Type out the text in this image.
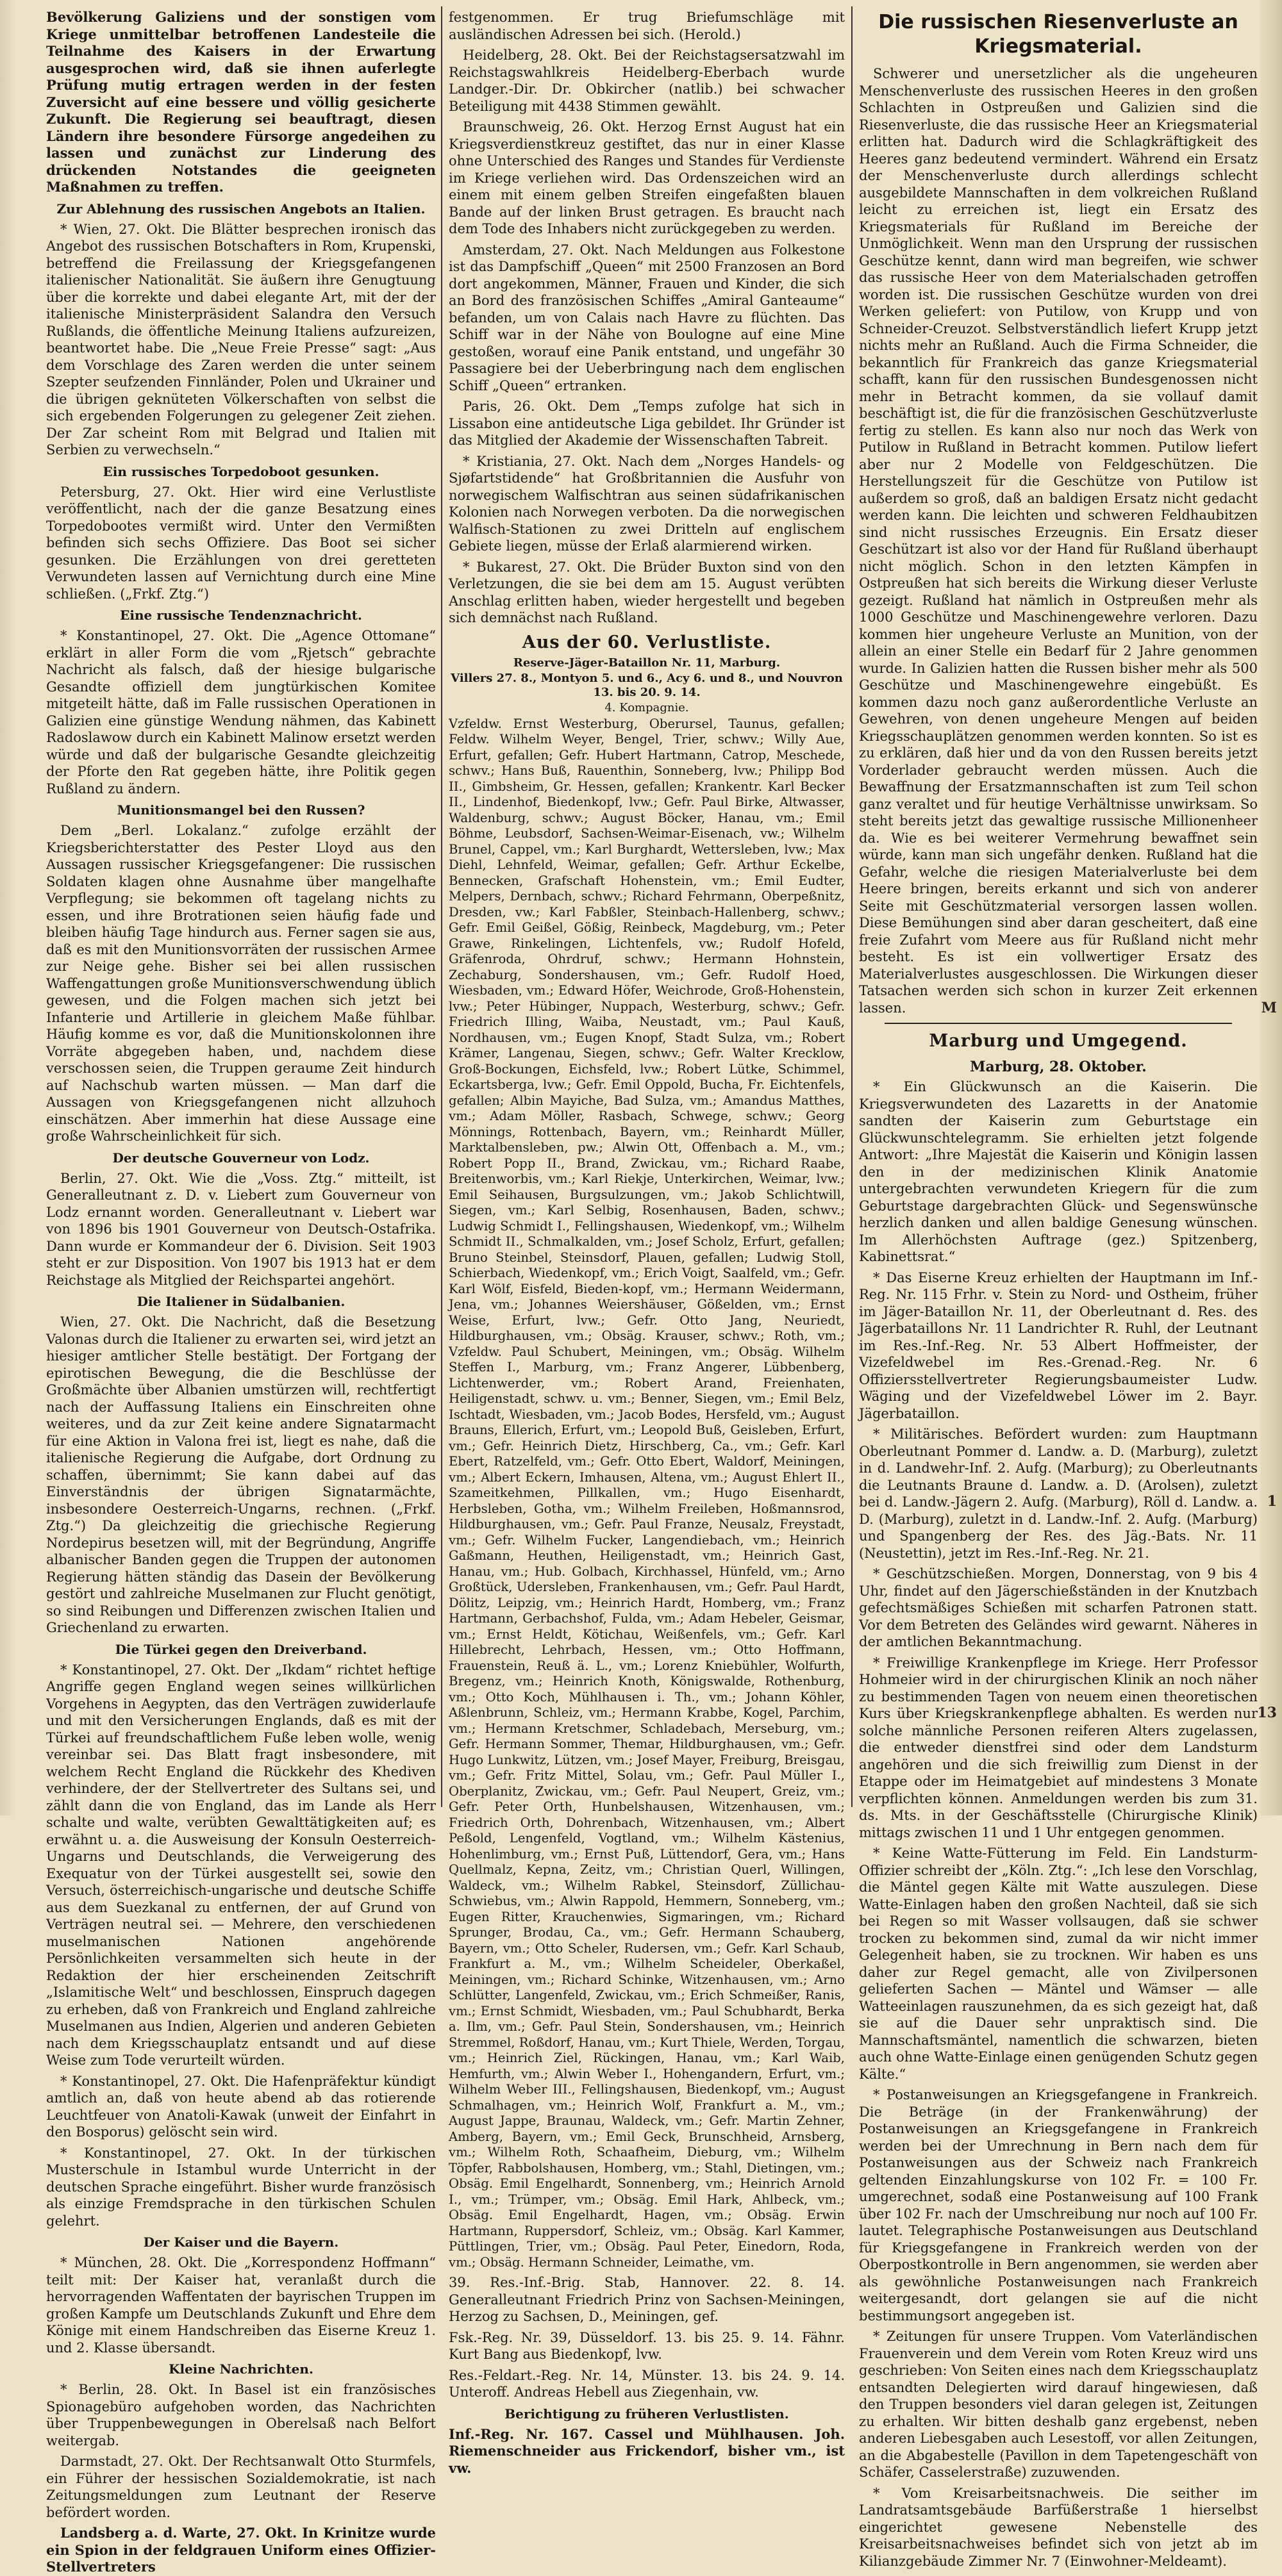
Bevölkerung Galiziens und der sonstigen vom Kriege unmittelbar betroffenen Landesteile die Teilnahme des Kaisers in der Erwartung ausgesprochen wird, daß sie ihnen auferlegte Prüfung mutig ertragen werden in der festen Zuversicht auf eine bessere und völlig gesicherte Zukunft. Die Regierung sei beauftragt, diesen Ländern ihre besondere Fürsorge angedeihen zu lassen und zunächst zur Linderung des drückenden Notstandes die geeigneten Maßnahmen zu treffen.

Zur Ablehnung des russischen Angebots an Italien.

* Wien, 27. Okt. Die Blätter besprechen ironisch das Angebot des russischen Botschafters in Rom, Krupenski, betreffend die Freilassung der Kriegsgefangenen italienischer Nationalität. Sie äußern ihre Genugtuung über die korrekte und dabei elegante Art, mit der der italienische Ministerpräsident Salandra den Versuch Rußlands, die öffentliche Meinung Italiens aufzureizen, beantwortet habe. Die „Neue Freie Presse“ sagt: „Aus dem Vorschlage des Zaren werden die unter seinem Szepter seufzenden Finnländer, Polen und Ukrainer und die übrigen geknüteten Völkerschaften von selbst die sich ergebenden Folgerungen zu gelegener Zeit ziehen. Der Zar scheint Rom mit Belgrad und Italien mit Serbien zu verwechseln.“

Ein russisches Torpedoboot gesunken.

Petersburg, 27. Okt. Hier wird eine Verlustliste veröffentlicht, nach der die ganze Besatzung eines Torpedobootes vermißt wird. Unter den Vermißten befinden sich sechs Offiziere. Das Boot sei sicher gesunken. Die Erzählungen von drei geretteten Verwundeten lassen auf Vernichtung durch eine Mine schließen. („Frkf. Ztg.“)

Eine russische Tendenznachricht.

* Konstantinopel, 27. Okt. Die „Agence Ottomane“ erklärt in aller Form die vom „Rjetsch“ gebrachte Nachricht als falsch, daß der hiesige bulgarische Gesandte offiziell dem jungtürkischen Komitee mitgeteilt hätte, daß im Falle russischen Operationen in Galizien eine günstige Wendung nähmen, das Kabinett Radoslawow durch ein Kabinett Malinow ersetzt werden würde und daß der bulgarische Gesandte gleichzeitig der Pforte den Rat gegeben hätte, ihre Politik gegen Rußland zu ändern.

Munitionsmangel bei den Russen?

Dem „Berl. Lokalanz.“ zufolge erzählt der Kriegsberichterstatter des Pester Lloyd aus den Aussagen russischer Kriegsgefangener: Die russischen Soldaten klagen ohne Ausnahme über mangelhafte Verpflegung; sie bekommen oft tagelang nichts zu essen, und ihre Brotrationen seien häufig fade und bleiben häufig Tage hindurch aus. Ferner sagen sie aus, daß es mit den Munitionsvorräten der russischen Armee zur Neige gehe. Bisher sei bei allen russischen Waffengattungen große Munitionsverschwendung üblich gewesen, und die Folgen machen sich jetzt bei Infanterie und Artillerie in gleichem Maße fühlbar. Häufig komme es vor, daß die Munitionskolonnen ihre Vorräte abgegeben haben, und, nachdem diese verschossen seien, die Truppen geraume Zeit hindurch auf Nachschub warten müssen. — Man darf die Aussagen von Kriegsgefangenen nicht allzuhoch einschätzen. Aber immerhin hat diese Aussage eine große Wahrscheinlichkeit für sich.

Der deutsche Gouverneur von Lodz.

Berlin, 27. Okt. Wie die „Voss. Ztg.“ mitteilt, ist Generalleutnant z. D. v. Liebert zum Gouverneur von Lodz ernannt worden. Generalleutnant v. Liebert war von 1896 bis 1901 Gouverneur von Deutsch-Ostafrika. Dann wurde er Kommandeur der 6. Division. Seit 1903 steht er zur Disposition. Von 1907 bis 1913 hat er dem Reichstage als Mitglied der Reichspartei angehört.

Die Italiener in Südalbanien.

Wien, 27. Okt. Die Nachricht, daß die Besetzung Valonas durch die Italiener zu erwarten sei, wird jetzt an hiesiger amtlicher Stelle bestätigt. Der Fortgang der epirotischen Bewegung, die die Beschlüsse der Großmächte über Albanien umstürzen will, rechtfertigt nach der Auffassung Italiens ein Einschreiten ohne weiteres, und da zur Zeit keine andere Signatarmacht für eine Aktion in Valona frei ist, liegt es nahe, daß die italienische Regierung die Aufgabe, dort Ordnung zu schaffen, übernimmt; Sie kann dabei auf das Einverständnis der übrigen Signatarmächte, insbesondere Oesterreich-Ungarns, rechnen. („Frkf. Ztg.“) Da gleichzeitig die griechische Regierung Nordepirus besetzen will, mit der Begründung, Angriffe albanischer Banden gegen die Truppen der autonomen Regierung hätten ständig das Dasein der Bevölkerung gestört und zahlreiche Muselmanen zur Flucht genötigt, so sind Reibungen und Differenzen zwischen Italien und Griechenland zu erwarten.

Die Türkei gegen den Dreiverband.

* Konstantinopel, 27. Okt. Der „Ikdam“ richtet heftige Angriffe gegen England wegen seines willkürlichen Vorgehens in Aegypten, das den Verträgen zuwiderlaufe und mit den Versicherungen Englands, daß es mit der Türkei auf freundschaftlichem Fuße leben wolle, wenig vereinbar sei. Das Blatt fragt insbesondere, mit welchem Recht England die Rückkehr des Khediven verhindere, der der Stellvertreter des Sultans sei, und zählt dann die von England, das im Lande als Herr schalte und walte, verübten Gewalttätigkeiten auf; es erwähnt u. a. die Ausweisung der Konsuln Oesterreich-Ungarns und Deutschlands, die Verweigerung des Exequatur von der Türkei ausgestellt sei, sowie den Versuch, österreichisch-ungarische und deutsche Schiffe aus dem Suezkanal zu entfernen, der auf Grund von Verträgen neutral sei. — Mehrere, den verschiedenen muselmanischen Nationen angehörende Persönlichkeiten versammelten sich heute in der Redaktion der hier erscheinenden Zeitschrift „Islamitische Welt“ und beschlossen, Einspruch dagegen zu erheben, daß von Frankreich und England zahlreiche Muselmanen aus Indien, Algerien und anderen Gebieten nach dem Kriegsschauplatz entsandt und auf diese Weise zum Tode verurteilt würden.

* Konstantinopel, 27. Okt. Die Hafenpräfektur kündigt amtlich an, daß von heute abend ab das rotierende Leuchtfeuer von Anatoli-Kawak (unweit der Einfahrt in den Bosporus) gelöscht sein wird.

* Konstantinopel, 27. Okt. In der türkischen Musterschule in Istambul wurde Unterricht in der deutschen Sprache eingeführt. Bisher wurde französisch als einzige Fremdsprache in den türkischen Schulen gelehrt.

Der Kaiser und die Bayern.

* München, 28. Okt. Die „Korrespondenz Hoffmann“ teilt mit: Der Kaiser hat, veranlaßt durch die hervorragenden Waffentaten der bayrischen Truppen im großen Kampfe um Deutschlands Zukunft und Ehre dem Könige mit einem Handschreiben das Eiserne Kreuz 1. und 2. Klasse übersandt.

Kleine Nachrichten.

* Berlin, 28. Okt. In Basel ist ein französisches Spionagebüro aufgehoben worden, das Nachrichten über Truppenbewegungen in Oberelsaß nach Belfort weitergab.

Darmstadt, 27. Okt. Der Rechtsanwalt Otto Sturmfels, ein Führer der hessischen Sozialdemokratie, ist nach Zeitungsmeldungen zum Leutnant der Reserve befördert worden.

Landsberg a. d. Warte, 27. Okt. In Krinitze wurde ein Spion in der feldgrauen Uniform eines Offizier-Stellvertreters

festgenommen. Er trug Briefumschläge mit ausländischen Adressen bei sich. (Herold.)

Heidelberg, 28. Okt. Bei der Reichstagsersatzwahl im Reichstagswahlkreis Heidelberg-Eberbach wurde Landger.-Dir. Dr. Obkircher (natlib.) bei schwacher Beteiligung mit 4438 Stimmen gewählt.

Braunschweig, 26. Okt. Herzog Ernst August hat ein Kriegsverdienstkreuz gestiftet, das nur in einer Klasse ohne Unterschied des Ranges und Standes für Verdienste im Kriege verliehen wird. Das Ordenszeichen wird an einem mit einem gelben Streifen eingefaßten blauen Bande auf der linken Brust getragen. Es braucht nach dem Tode des Inhabers nicht zurückgegeben zu werden.

Amsterdam, 27. Okt. Nach Meldungen aus Folkestone ist das Dampfschiff „Queen“ mit 2500 Franzosen an Bord dort angekommen, Männer, Frauen und Kinder, die sich an Bord des französischen Schiffes „Amiral Ganteaume“ befanden, um von Calais nach Havre zu flüchten. Das Schiff war in der Nähe von Boulogne auf eine Mine gestoßen, worauf eine Panik entstand, und ungefähr 30 Passagiere bei der Ueberbringung nach dem englischen Schiff „Queen“ ertranken.

Paris, 26. Okt. Dem „Temps zufolge hat sich in Lissabon eine antideutsche Liga gebildet. Ihr Gründer ist das Mitglied der Akademie der Wissenschaften Tabreit.

* Kristiania, 27. Okt. Nach dem „Norges Handels- og Sjøfartstidende“ hat Großbritannien die Ausfuhr von norwegischem Walfischtran aus seinen südafrikanischen Kolonien nach Norwegen verboten. Da die norwegischen Walfisch-Stationen zu zwei Dritteln auf englischem Gebiete liegen, müsse der Erlaß alarmierend wirken.

* Bukarest, 27. Okt. Die Brüder Buxton sind von den Verletzungen, die sie bei dem am 15. August verübten Anschlag erlitten haben, wieder hergestellt und begeben sich demnächst nach Rußland.

Aus der 60. Verlustliste.

Reserve-Jäger-Bataillon Nr. 11, Marburg.

Villers 27. 8., Montyon 5. und 6., Acy 6. und 8., und Nouvron 13. bis 20. 9. 14.

4. Kompagnie.

Vzfeldw. Ernst Westerburg, Oberursel, Taunus, gefallen; Feldw. Wilhelm Weyer, Bengel, Trier, schwv.; Willy Aue, Erfurt, gefallen; Gefr. Hubert Hartmann, Catrop, Meschede, schwv.; Hans Buß, Rauenthin, Sonneberg, lvw.; Philipp Bod II., Gimbsheim, Gr. Hessen, gefallen; Krankentr. Karl Becker II., Lindenhof, Biedenkopf, lvw.; Gefr. Paul Birke, Altwasser, Waldenburg, schwv.; August Böcker, Hanau, vm.; Emil Böhme, Leubsdorf, Sachsen-Weimar-Eisenach, vw.; Wilhelm Brunel, Cappel, vm.; Karl Burghardt, Wettersleben, lvw.; Max Diehl, Lehnfeld, Weimar, gefallen; Gefr. Arthur Eckelbe, Bennecken, Grafschaft Hohenstein, vm.; Emil Eudter, Melpers, Dernbach, schwv.; Richard Fehrmann, Oberpeßnitz, Dresden, vw.; Karl Fabßler, Steinbach-Hallenberg, schwv.; Gefr. Emil Geißel, Gößig, Reinbeck, Magdeburg, vm.; Peter Grawe, Rinkelingen, Lichtenfels, vw.; Rudolf Hofeld, Gräfenroda, Ohrdruf, schwv.; Hermann Hohnstein, Zechaburg, Sondershausen, vm.; Gefr. Rudolf Hoed, Wiesbaden, vm.; Edward Höfer, Weichrode, Groß-Hohenstein, lvw.; Peter Hübinger, Nuppach, Westerburg, schwv.; Gefr. Friedrich Illing, Waiba, Neustadt, vm.; Paul Kauß, Nordhausen, vm.; Eugen Knopf, Stadt Sulza, vm.; Robert Krämer, Langenau, Siegen, schwv.; Gefr. Walter Krecklow, Groß-Bockungen, Eichsfeld, lvw.; Robert Lütke, Schimmel, Eckartsberga, lvw.; Gefr. Emil Oppold, Bucha, Fr. Eichtenfels, gefallen; Albin Mayiche, Bad Sulza, vm.; Amandus Matthes, vm.; Adam Möller, Rasbach, Schwege, schwv.; Georg Mönnings, Rottenbach, Bayern, vm.; Reinhardt Müller, Marktalbensleben, pw.; Alwin Ott, Offenbach a. M., vm.; Robert Popp II., Brand, Zwickau, vm.; Richard Raabe, Breitenworbis, vm.; Karl Riekje, Unterkirchen, Weimar, lvw.; Emil Seihausen, Burgsulzungen, vm.; Jakob Schlichtwill, Siegen, vm.; Karl Selbig, Rosenhausen, Baden, schwv.; Ludwig Schmidt I., Fellingshausen, Wiedenkopf, vm.; Wilhelm Schmidt II., Schmalkalden, vm.; Josef Scholz, Erfurt, gefallen; Bruno Steinbel, Steinsdorf, Plauen, gefallen; Ludwig Stoll, Schierbach, Wiedenkopf, vm.; Erich Voigt, Saalfeld, vm.; Gefr. Karl Wölf, Eisfeld, Bieden-kopf, vm.; Hermann Weidermann, Jena, vm.; Johannes Weiershäuser, Gößelden, vm.; Ernst Weise, Erfurt, lvw.; Gefr. Otto Jang, Neuriedt, Hildburghausen, vm.; Obsäg. Krauser, schwv.; Roth, vm.; Vzfeldw. Paul Schubert, Meiningen, vm.; Obsäg. Wilhelm Steffen I., Marburg, vm.; Franz Angerer, Lübbenberg, Lichtenwerder, vm.; Robert Arand, Freienhaten, Heiligenstadt, schwv. u. vm.; Benner, Siegen, vm.; Emil Belz, Ischtadt, Wiesbaden, vm.; Jacob Bodes, Hersfeld, vm.; August Brauns, Ellerich, Erfurt, vm.; Leopold Buß, Geisleben, Erfurt, vm.; Gefr. Heinrich Dietz, Hirschberg, Ca., vm.; Gefr. Karl Ebert, Ratzelfeld, vm.; Gefr. Otto Ebert, Waldorf, Meiningen, vm.; Albert Eckern, Imhausen, Altena, vm.; August Ehlert II., Szameitkehmen, Pillkallen, vm.; Hugo Eisenhardt, Herbsleben, Gotha, vm.; Wilhelm Freileben, Hoßmannsrod, Hildburghausen, vm.; Gefr. Paul Franze, Neusalz, Freystadt, vm.; Gefr. Wilhelm Fucker, Langendiebach, vm.; Heinrich Gaßmann, Heuthen, Heiligenstadt, vm.; Heinrich Gast, Hanau, vm.; Hub. Golbach, Kirchhassel, Hünfeld, vm.; Arno Großtück, Udersleben, Frankenhausen, vm.; Gefr. Paul Hardt, Dölitz, Leipzig, vm.; Heinrich Hardt, Homberg, vm.; Franz Hartmann, Gerbachshof, Fulda, vm.; Adam Hebeler, Geismar, vm.; Ernst Heldt, Kötichau, Weißenfels, vm.; Gefr. Karl Hillebrecht, Lehrbach, Hessen, vm.; Otto Hoffmann, Frauenstein, Reuß ä. L., vm.; Lorenz Kniebühler, Wolfurth, Bregenz, vm.; Heinrich Knoth, Königswalde, Rothenburg, vm.; Otto Koch, Mühlhausen i. Th., vm.; Johann Köhler, Aßlenbrunn, Schleiz, vm.; Hermann Krabbe, Kogel, Parchim, vm.; Hermann Kretschmer, Schladebach, Merseburg, vm.; Gefr. Hermann Sommer, Themar, Hildburghausen, vm.; Gefr. Hugo Lunkwitz, Lützen, vm.; Josef Mayer, Freiburg, Breisgau, vm.; Gefr. Fritz Mittel, Solau, vm.; Gefr. Paul Müller I., Oberplanitz, Zwickau, vm.; Gefr. Paul Neupert, Greiz, vm.; Gefr. Peter Orth, Hunbelshausen, Witzenhausen, vm.; Friedrich Orth, Dohrenbach, Witzenhausen, vm.; Albert Peßold, Lengenfeld, Vogtland, vm.; Wilhelm Kästenius, Hohenlimburg, vm.; Ernst Puß, Lüttendorf, Gera, vm.; Hans Quellmalz, Kepna, Zeitz, vm.; Christian Querl, Willingen, Waldeck, vm.; Wilhelm Rabkel, Steinsdorf, Züllichau-Schwiebus, vm.; Alwin Rappold, Hemmern, Sonneberg, vm.; Eugen Ritter, Krauchenwies, Sigmaringen, vm.; Richard Sprunger, Brodau, Ca., vm.; Gefr. Hermann Schauberg, Bayern, vm.; Otto Scheler, Rudersen, vm.; Gefr. Karl Schaub, Frankfurt a. M., vm.; Wilhelm Scheideler, Oberkaßel, Meiningen, vm.; Richard Schinke, Witzenhausen, vm.; Arno Schlütter, Langenfeld, Zwickau, vm.; Erich Schmeißer, Ranis, vm.; Ernst Schmidt, Wiesbaden, vm.; Paul Schubhardt, Berka a. Ilm, vm.; Gefr. Paul Stein, Sondershausen, vm.; Heinrich Stremmel, Roßdorf, Hanau, vm.; Kurt Thiele, Werden, Torgau, vm.; Heinrich Ziel, Rückingen, Hanau, vm.; Karl Waib, Hemfurth, vm.; Alwin Weber I., Hohengandern, Erfurt, vm.; Wilhelm Weber III., Fellingshausen, Biedenkopf, vm.; August Schmalhagen, vm.; Heinrich Wolf, Frankfurt a. M., vm.; August Jappe, Braunau, Waldeck, vm.; Gefr. Martin Zehner, Amberg, Bayern, vm.; Emil Geck, Brunschheid, Arnsberg, vm.; Wilhelm Roth, Schaafheim, Dieburg, vm.; Wilhelm Töpfer, Rabbolshausen, Homberg, vm.; Stahl, Dietingen, vm.; Obsäg. Emil Engelhardt, Sonnenberg, vm.; Heinrich Arnold I., vm.; Trümper, vm.; Obsäg. Emil Hark, Ahlbeck, vm.; Obsäg. Emil Engelhardt, Hagen, vm.; Obsäg. Erwin Hartmann, Ruppersdorf, Schleiz, vm.; Obsäg. Karl Kammer, Püttlingen, Trier, vm.; Obsäg. Paul Peter, Einedorn, Roda, vm.; Obsäg. Hermann Schneider, Leimathe, vm.

39. Res.-Inf.-Brig. Stab, Hannover. 22. 8. 14. Generalleutnant Friedrich Prinz von Sachsen-Meiningen, Herzog zu Sachsen, D., Meiningen, gef.

Fsk.-Reg. Nr. 39, Düsseldorf. 13. bis 25. 9. 14. Fähnr. Kurt Bang aus Biedenkopf, lvw.

Res.-Feldart.-Reg. Nr. 14, Münster. 13. bis 24. 9. 14. Unteroff. Andreas Hebell aus Ziegenhain, vw.

Berichtigung zu früheren Verlustlisten.

Inf.-Reg. Nr. 167. Cassel und Mühlhausen. Joh. Riemenschneider aus Frickendorf, bisher vm., ist vw.

Die russischen Riesenverluste an Kriegsmaterial.

Schwerer und unersetzlicher als die ungeheuren Menschenverluste des russischen Heeres in den großen Schlachten in Ostpreußen und Galizien sind die Riesenverluste, die das russische Heer an Kriegsmaterial erlitten hat. Dadurch wird die Schlagkräftigkeit des Heeres ganz bedeutend vermindert. Während ein Ersatz der Menschenverluste durch allerdings schlecht ausgebildete Mannschaften in dem volkreichen Rußland leicht zu erreichen ist, liegt ein Ersatz des Kriegsmaterials für Rußland im Bereiche der Unmöglichkeit. Wenn man den Ursprung der russischen Geschütze kennt, dann wird man begreifen, wie schwer das russische Heer von dem Materialschaden getroffen worden ist. Die russischen Geschütze wurden von drei Werken geliefert: von Putilow, von Krupp und von Schneider-Creuzot. Selbstverständlich liefert Krupp jetzt nichts mehr an Rußland. Auch die Firma Schneider, die bekanntlich für Frankreich das ganze Kriegsmaterial schafft, kann für den russischen Bundesgenossen nicht mehr in Betracht kommen, da sie vollauf damit beschäftigt ist, die für die französischen Geschützverluste fertig zu stellen. Es kann also nur noch das Werk von Putilow in Rußland in Betracht kommen. Putilow liefert aber nur 2 Modelle von Feldgeschützen. Die Herstellungszeit für die Geschütze von Putilow ist außerdem so groß, daß an baldigen Ersatz nicht gedacht werden kann. Die leichten und schweren Feldhaubitzen sind nicht russisches Erzeugnis. Ein Ersatz dieser Geschützart ist also vor der Hand für Rußland überhaupt nicht möglich. Schon in den letzten Kämpfen in Ostpreußen hat sich bereits die Wirkung dieser Verluste gezeigt. Rußland hat nämlich in Ostpreußen mehr als 1000 Geschütze und Maschinengewehre verloren. Dazu kommen hier ungeheure Verluste an Munition, von der allein an einer Stelle ein Bedarf für 2 Jahre genommen wurde. In Galizien hatten die Russen bisher mehr als 500 Geschütze und Maschinengewehre eingebüßt. Es kommen dazu noch ganz außerordentliche Verluste an Gewehren, von denen ungeheure Mengen auf beiden Kriegsschauplätzen genommen werden konnten. So ist es zu erklären, daß hier und da von den Russen bereits jetzt Vorderlader gebraucht werden müssen. Auch die Bewaffnung der Ersatzmannschaften ist zum Teil schon ganz veraltet und für heutige Verhältnisse unwirksam. So steht bereits jetzt das gewaltige russische Millionenheer da. Wie es bei weiterer Vermehrung bewaffnet sein würde, kann man sich ungefähr denken. Rußland hat die Gefahr, welche die riesigen Materialverluste bei dem Heere bringen, bereits erkannt und sich von anderer Seite mit Geschützmaterial versorgen lassen wollen. Diese Bemühungen sind aber daran gescheitert, daß eine freie Zufahrt vom Meere aus für Rußland nicht mehr besteht. Es ist ein vollwertiger Ersatz des Materialverlustes ausgeschlossen. Die Wirkungen dieser Tatsachen werden sich schon in kurzer Zeit erkennen lassen.

Marburg und Umgegend.
Marburg, 28. Oktober.

* Ein Glückwunsch an die Kaiserin. Die Kriegsverwundeten des Lazaretts in der Anatomie sandten der Kaiserin zum Geburtstage ein Glückwunschtelegramm. Sie erhielten jetzt folgende Antwort: „Ihre Majestät die Kaiserin und Königin lassen den in der medizinischen Klinik Anatomie untergebrachten verwundeten Kriegern für die zum Geburtstage dargebrachten Glück- und Segenswünsche herzlich danken und allen baldige Genesung wünschen. Im Allerhöchsten Auftrage (gez.) Spitzenberg, Kabinettsrat.“

* Das Eiserne Kreuz erhielten der Hauptmann im Inf.-Reg. Nr. 115 Frhr. v. Stein zu Nord- und Ostheim, früher im Jäger-Bataillon Nr. 11, der Oberleutnant d. Res. des Jägerbataillons Nr. 11 Landrichter R. Ruhl, der Leutnant im Res.-Inf.-Reg. Nr. 53 Albert Hoffmeister, der Vizefeldwebel im Res.-Grenad.-Reg. Nr. 6 Offiziersstellvertreter Regierungsbaumeister Ludw. Wäging und der Vizefeldwebel Löwer im 2. Bayr. Jägerbataillon.

* Militärisches. Befördert wurden: zum Hauptmann Oberleutnant Pommer d. Landw. a. D. (Marburg), zuletzt in d. Landwehr-Inf. 2. Aufg. (Marburg); zu Oberleutnants die Leutnants Braune d. Landw. a. D. (Arolsen), zuletzt bei d. Landw.-Jägern 2. Aufg. (Marburg), Röll d. Landw. a. D. (Marburg), zuletzt in d. Landw.-Inf. 2. Aufg. (Marburg) und Spangenberg der Res. des Jäg.-Bats. Nr. 11 (Neustettin), jetzt im Res.-Inf.-Reg. Nr. 21.

* Geschützschießen. Morgen, Donnerstag, von 9 bis 4 Uhr, findet auf den Jägerschießständen in der Knutzbach gefechtsmäßiges Schießen mit scharfen Patronen statt. Vor dem Betreten des Geländes wird gewarnt. Näheres in der amtlichen Bekanntmachung.

* Freiwillige Krankenpflege im Kriege. Herr Professor Hohmeier wird in der chirurgischen Klinik an noch näher zu bestimmenden Tagen von neuem einen theoretischen Kurs über Kriegskrankenpflege abhalten. Es werden nur solche männliche Personen reiferen Alters zugelassen, die entweder dienstfrei sind oder dem Landsturm angehören und die sich freiwillig zum Dienst in der Etappe oder im Heimatgebiet auf mindestens 3 Monate verpflichten können. Anmeldungen werden bis zum 31. ds. Mts. in der Geschäftsstelle (Chirurgische Klinik) mittags zwischen 11 und 1 Uhr entgegen genommen.

* Keine Watte-Fütterung im Feld. Ein Landsturm-Offizier schreibt der „Köln. Ztg.“: „Ich lese den Vorschlag, die Mäntel gegen Kälte mit Watte auszulegen. Diese Watte-Einlagen haben den großen Nachteil, daß sie sich bei Regen so mit Wasser vollsaugen, daß sie schwer trocken zu bekommen sind, zumal da wir nicht immer Gelegenheit haben, sie zu trocknen. Wir haben es uns daher zur Regel gemacht, alle von Zivilpersonen gelieferten Sachen — Mäntel und Wämser — alle Watteeinlagen rauszunehmen, da es sich gezeigt hat, daß sie auf die Dauer sehr unpraktisch sind. Die Mannschaftsmäntel, namentlich die schwarzen, bieten auch ohne Watte-Einlage einen genügenden Schutz gegen Kälte.“

* Postanweisungen an Kriegsgefangene in Frankreich. Die Beträge (in der Frankenwährung) der Postanweisungen an Kriegsgefangene in Frankreich werden bei der Umrechnung in Bern nach dem für Postanweisungen aus der Schweiz nach Frankreich geltenden Einzahlungskurse von 102 Fr. = 100 Fr. umgerechnet, sodaß eine Postanweisung auf 100 Frank über 102 Fr. nach der Umschreibung nur noch auf 100 Fr. lautet. Telegraphische Postanweisungen aus Deutschland für Kriegsgefangene in Frankreich werden von der Oberpostkontrolle in Bern angenommen, sie werden aber als gewöhnliche Postanweisungen nach Frankreich weitergesandt, dort gelangen sie auf die nicht bestimmungsort angegeben ist.

* Zeitungen für unsere Truppen. Vom Vaterländischen Frauenverein und dem Verein vom Roten Kreuz wird uns geschrieben: Von Seiten eines nach dem Kriegsschauplatz entsandten Delegierten wird darauf hingewiesen, daß den Truppen besonders viel daran gelegen ist, Zeitungen zu erhalten. Wir bitten deshalb ganz ergebenst, neben anderen Liebesgaben auch Lesestoff, vor allen Zeitungen, an die Abgabestelle (Pavillon in dem Tapetengeschäft von Schäfer, Casselerstraße) zuzuwenden.

* Vom Kreisarbeitsnachweis. Die seither im Landratsamtsgebäude Barfüßerstraße 1 hierselbst eingerichtet gewesene Nebenstelle des Kreisarbeitsnachweises befindet sich von jetzt ab im Kilianzgebäude Zimmer Nr. 7 (Einwohner-Meldeamt).

M
1
13
